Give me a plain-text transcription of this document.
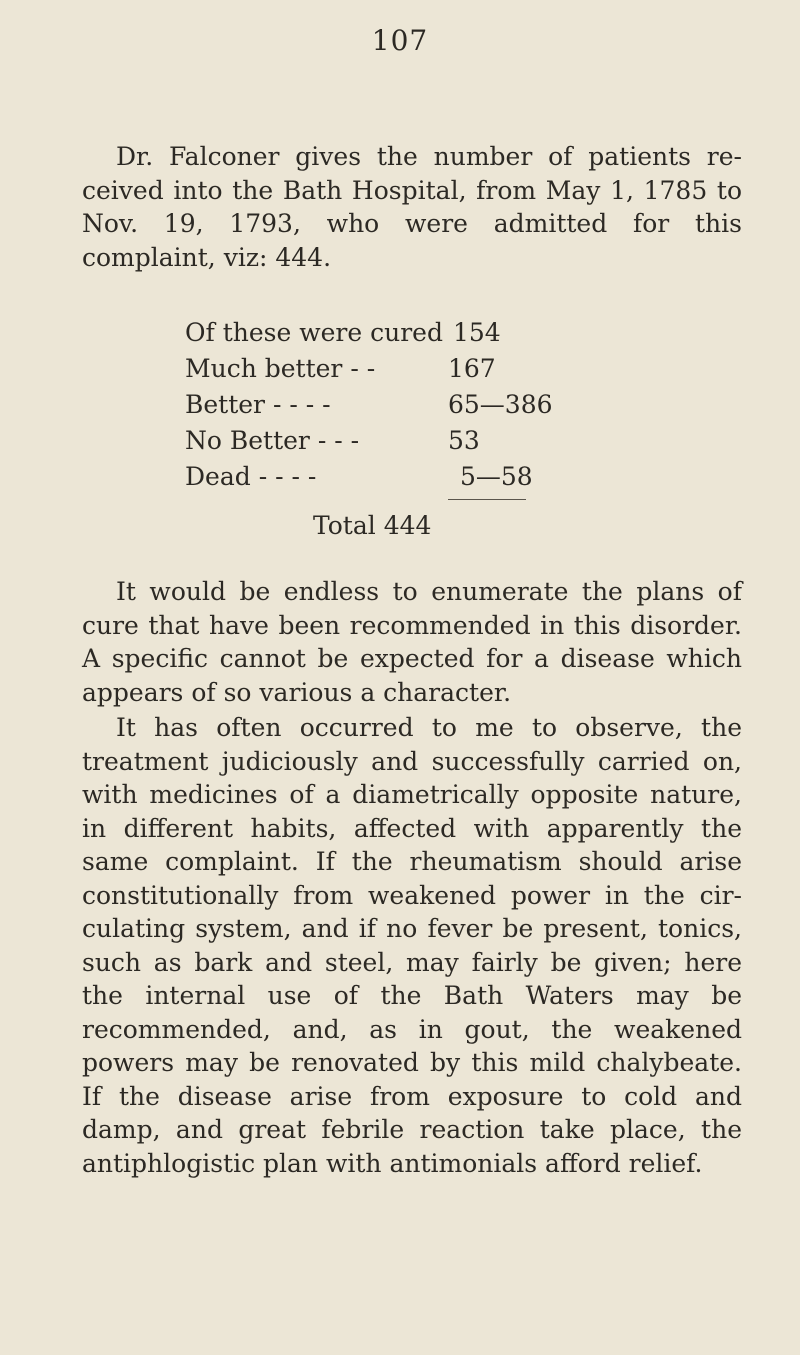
107

Dr. Falconer gives the number of patients re-ceived into the Bath Hospital, from May 1, 1785 to Nov. 19, 1793, who were admitted for this complaint, viz: 444.

Of these were cured 154
Much better - -	167
Better - - - -	65—386
No Better - - -	53
Dead - - - -	5—58
Total 444

It would be endless to enumerate the plans of cure that have been recommended in this disorder. A specific cannot be expected for a disease which appears of so various a character.

It has often occurred to me to observe, the treatment judiciously and successfully carried on, with medicines of a diametrically opposite nature, in different habits, affected with apparently the same complaint. If the rheumatism should arise constitutionally from weakened power in the cir-culating system, and if no fever be present, tonics, such as bark and steel, may fairly be given; here the internal use of the Bath Waters may be recommended, and, as in gout, the weakened powers may be renovated by this mild chalybeate. If the disease arise from exposure to cold and damp, and great febrile reaction take place, the antiphlogistic plan with antimonials afford relief.
